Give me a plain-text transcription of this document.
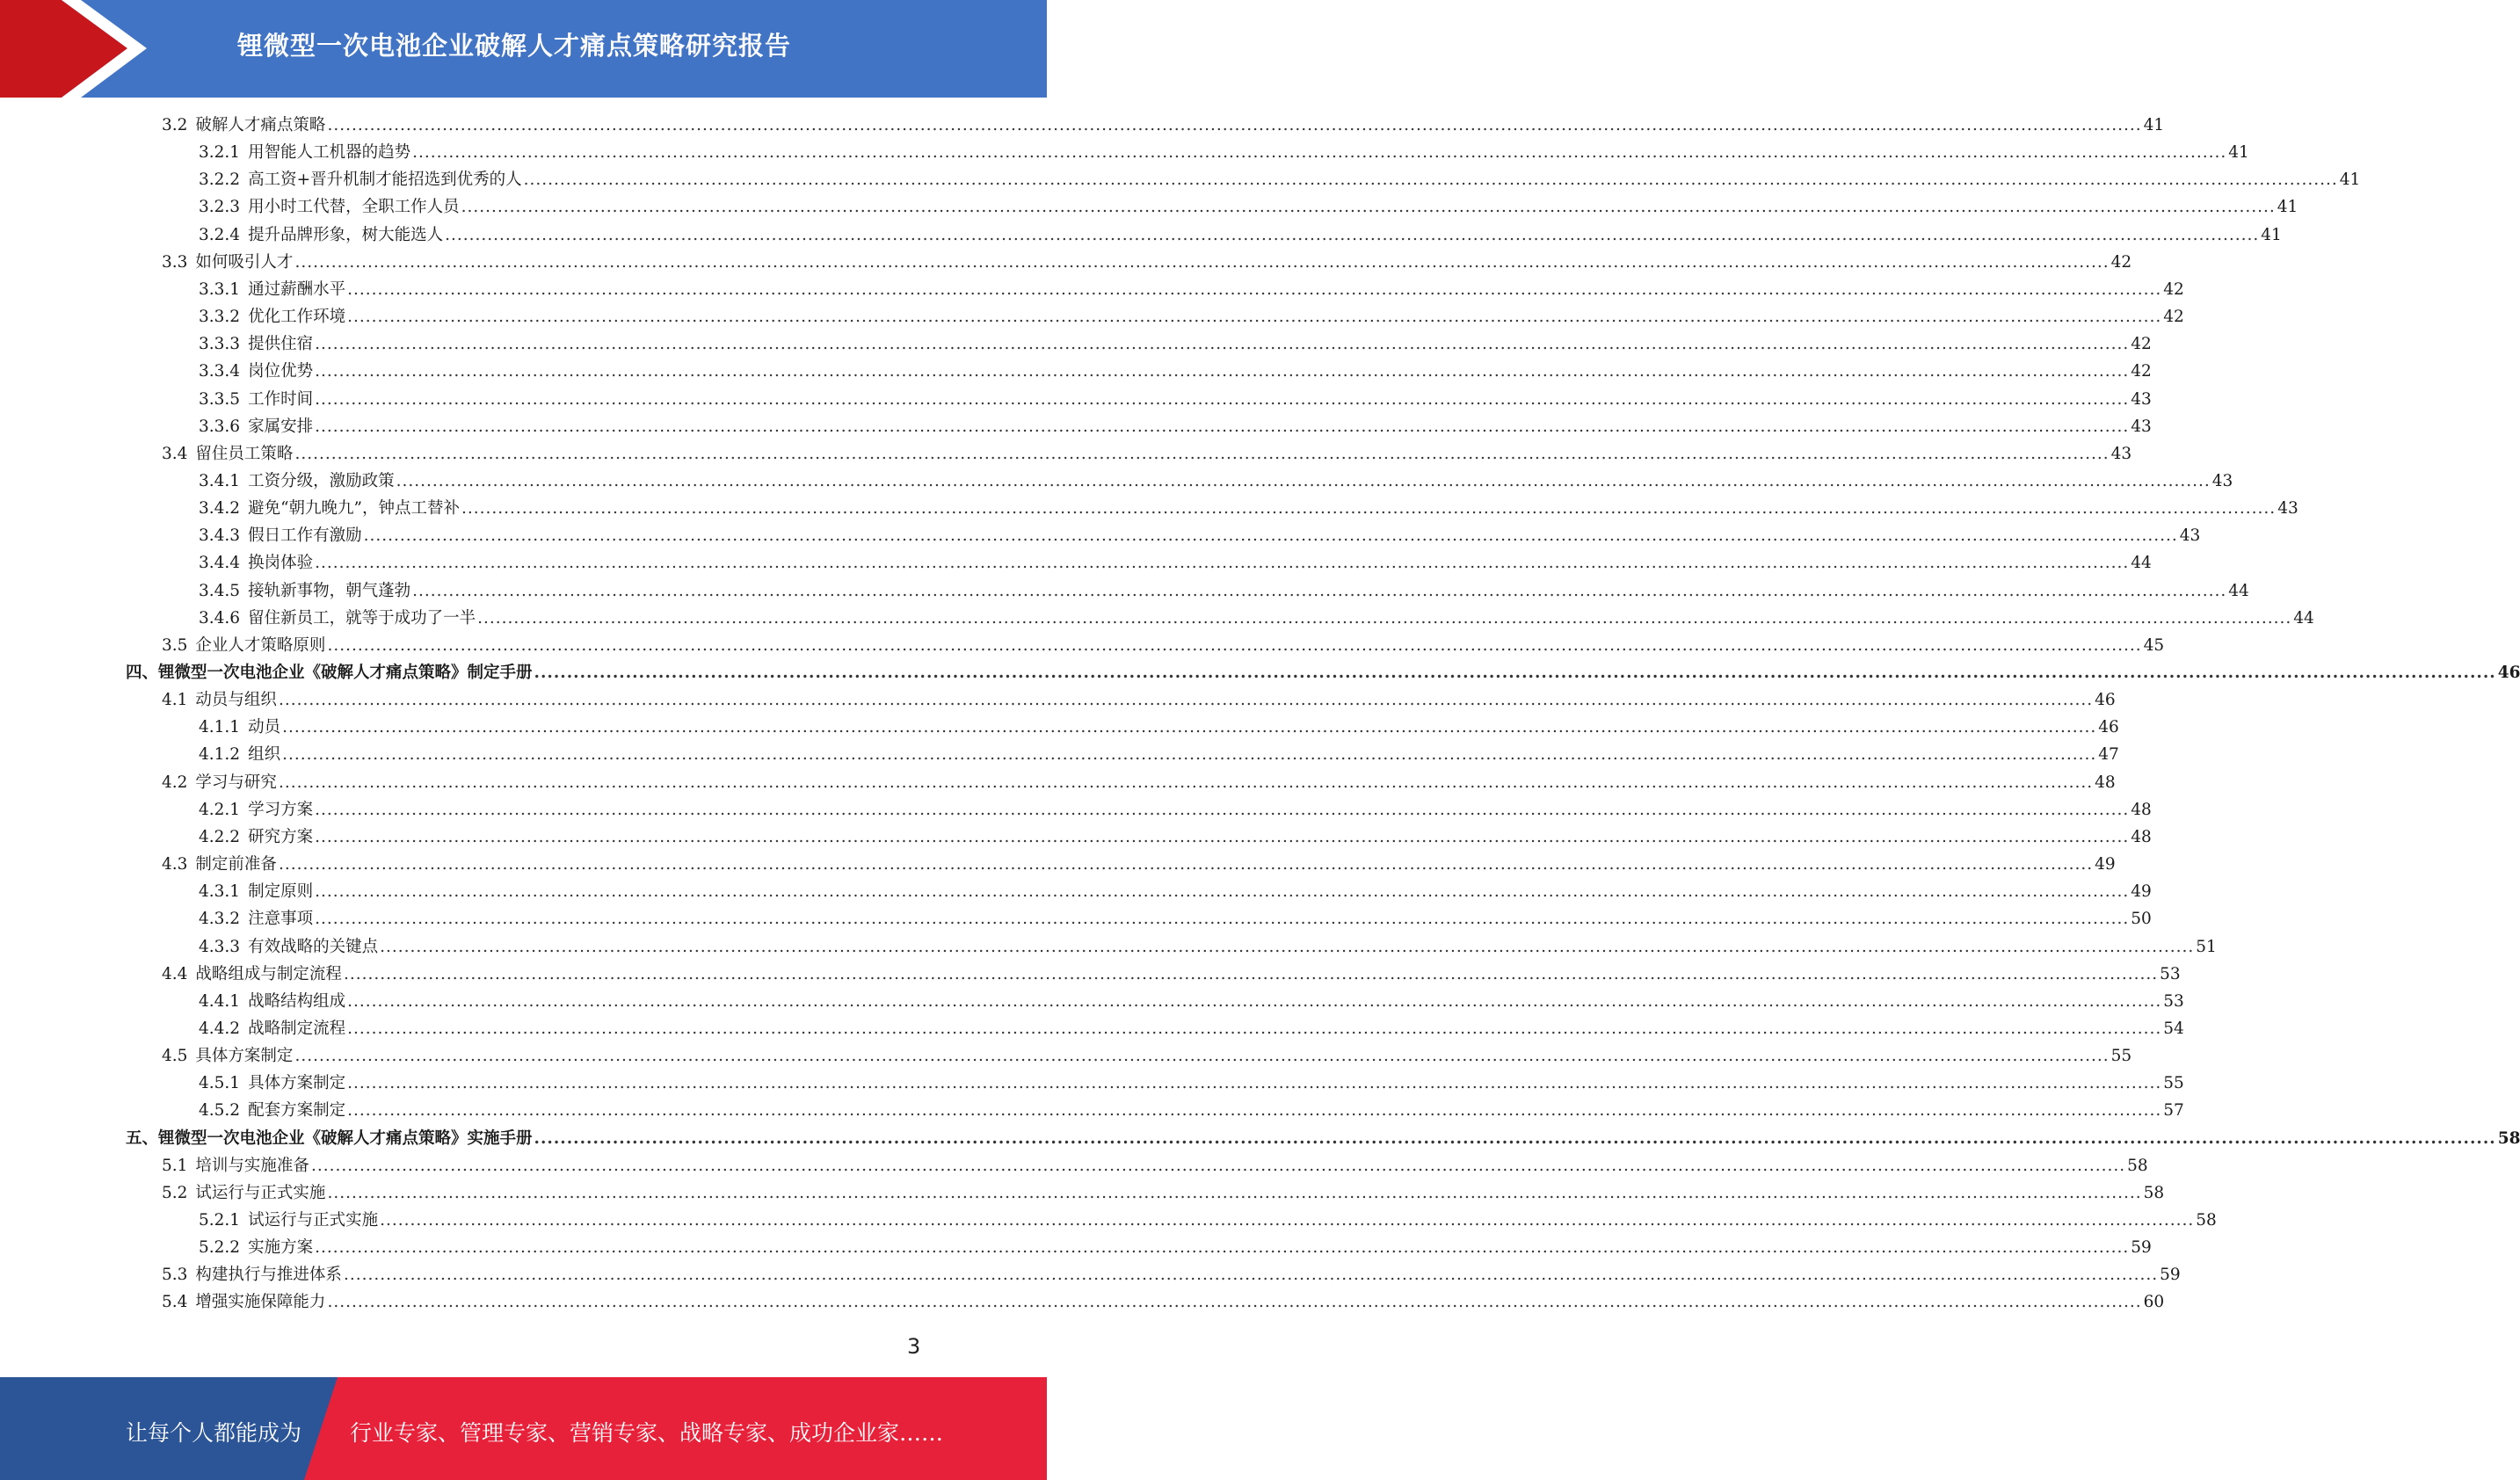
锂微型一次电池企业破解人才痛点策略研究报告
3.2 破解人才痛点策略 ............................................................................................................................................................................................................................................................................................................ 41
3.2.1 用智能人工机器的趋势 ............................................................................................................................................................................................................................................................................................................ 41
3.2.2 高工资+晋升机制才能招选到优秀的人 ............................................................................................................................................................................................................................................................................................................ 41
3.2.3 用小时工代替，全职工作人员 ............................................................................................................................................................................................................................................................................................................ 41
3.2.4 提升品牌形象，树大能选人 ............................................................................................................................................................................................................................................................................................................ 41
3.3 如何吸引人才 ............................................................................................................................................................................................................................................................................................................ 42
3.3.1 通过薪酬水平 ............................................................................................................................................................................................................................................................................................................ 42
3.3.2 优化工作环境 ............................................................................................................................................................................................................................................................................................................ 42
3.3.3 提供住宿 ............................................................................................................................................................................................................................................................................................................ 42
3.3.4 岗位优势 ............................................................................................................................................................................................................................................................................................................ 42
3.3.5 工作时间 ............................................................................................................................................................................................................................................................................................................ 43
3.3.6 家属安排 ............................................................................................................................................................................................................................................................................................................ 43
3.4 留住员工策略 ............................................................................................................................................................................................................................................................................................................ 43
3.4.1 工资分级，激励政策 ............................................................................................................................................................................................................................................................................................................ 43
3.4.2 避免“朝九晚九”，钟点工替补 ............................................................................................................................................................................................................................................................................................................ 43
3.4.3 假日工作有激励 ............................................................................................................................................................................................................................................................................................................ 43
3.4.4 换岗体验 ............................................................................................................................................................................................................................................................................................................ 44
3.4.5 接轨新事物，朝气蓬勃 ............................................................................................................................................................................................................................................................................................................ 44
3.4.6 留住新员工，就等于成功了一半 ............................................................................................................................................................................................................................................................................................................ 44
3.5 企业人才策略原则 ............................................................................................................................................................................................................................................................................................................ 45
四、 锂微型一次电池企业《破解人才痛点策略》制定手册 ............................................................................................................................................................................................................................................................................................................ 46
4.1 动员与组织 ............................................................................................................................................................................................................................................................................................................ 46
4.1.1 动员 ............................................................................................................................................................................................................................................................................................................ 46
4.1.2 组织 ............................................................................................................................................................................................................................................................................................................ 47
4.2 学习与研究 ............................................................................................................................................................................................................................................................................................................ 48
4.2.1 学习方案 ............................................................................................................................................................................................................................................................................................................ 48
4.2.2 研究方案 ............................................................................................................................................................................................................................................................................................................ 48
4.3 制定前准备 ............................................................................................................................................................................................................................................................................................................ 49
4.3.1 制定原则 ............................................................................................................................................................................................................................................................................................................ 49
4.3.2 注意事项 ............................................................................................................................................................................................................................................................................................................ 50
4.3.3 有效战略的关键点 ............................................................................................................................................................................................................................................................................................................ 51
4.4 战略组成与制定流程 ............................................................................................................................................................................................................................................................................................................ 53
4.4.1 战略结构组成 ............................................................................................................................................................................................................................................................................................................ 53
4.4.2 战略制定流程 ............................................................................................................................................................................................................................................................................................................ 54
4.5 具体方案制定 ............................................................................................................................................................................................................................................................................................................ 55
4.5.1 具体方案制定 ............................................................................................................................................................................................................................................................................................................ 55
4.5.2 配套方案制定 ............................................................................................................................................................................................................................................................................................................ 57
五、 锂微型一次电池企业《破解人才痛点策略》实施手册 ............................................................................................................................................................................................................................................................................................................ 58
5.1 培训与实施准备 ............................................................................................................................................................................................................................................................................................................ 58
5.2 试运行与正式实施 ............................................................................................................................................................................................................................................................................................................ 58
5.2.1 试运行与正式实施 ............................................................................................................................................................................................................................................................................................................ 58
5.2.2 实施方案 ............................................................................................................................................................................................................................................................................................................ 59
5.3 构建执行与推进体系 ............................................................................................................................................................................................................................................................................................................ 59
5.4 增强实施保障能力 ............................................................................................................................................................................................................................................................................................................ 60
3
让每个人都能成为 行业专家、管理专家、营销专家、战略专家、成功企业家……
